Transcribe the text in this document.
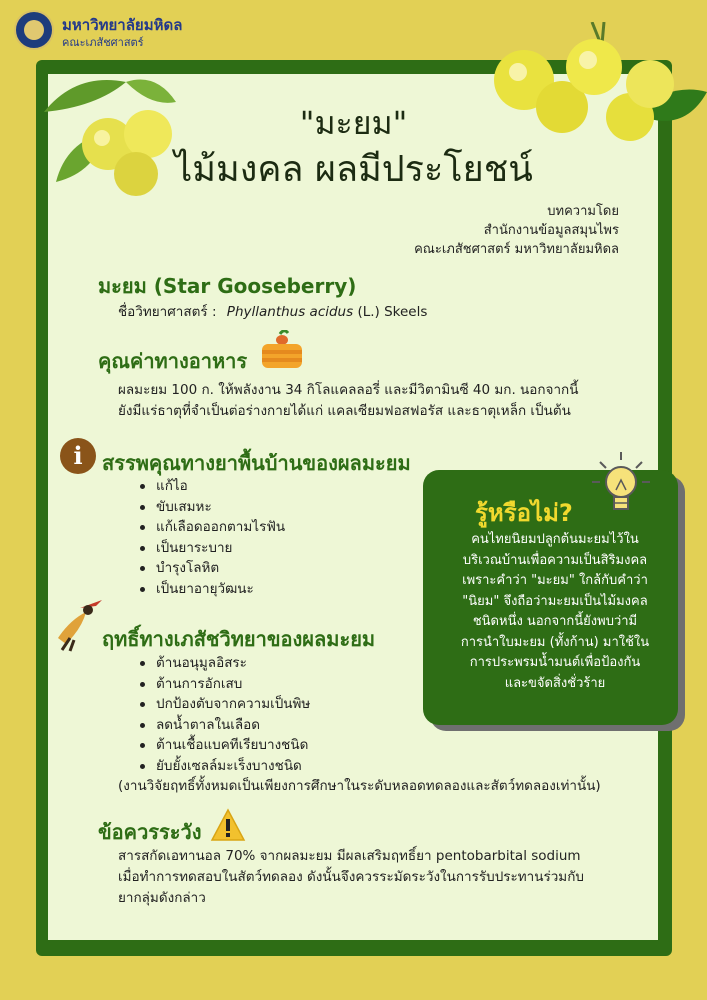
มหาวิทยาลัยมหิดล
คณะเภสัชศาสตร์
"มะยม"
ไม้มงคล ผลมีประโยชน์
บทความโดย
สำนักงานข้อมูลสมุนไพร
คณะเภสัชศาสตร์ มหาวิทยาลัยมหิดล
มะยม (Star Gooseberry)
ชื่อวิทยาศาสตร์ : Phyllanthus acidus (L.) Skeels
คุณค่าทางอาหาร
ผลมะยม 100 ก. ให้พลังงาน 34 กิโลแคลลอรี่ และมีวิตามินซี 40 มก. นอกจากนี้
ยังมีแร่ธาตุที่จำเป็นต่อร่างกายได้แก่ แคลเซียมฟอสฟอรัส และธาตุเหล็ก เป็นต้น
i สรรพคุณทางยาพื้นบ้านของผลมะยม
แก้ไอ
ขับเสมหะ
แก้เลือดออกตามไรฟัน
เป็นยาระบาย
บำรุงโลหิต
เป็นยาอายุวัฒนะ
ฤทธิ์ทางเภสัชวิทยาของผลมะยม
ต้านอนุมูลอิสระ
ต้านการอักเสบ
ปกป้องตับจากความเป็นพิษ
ลดน้ำตาลในเลือด
ต้านเชื้อแบคทีเรียบางชนิด
ยับยั้งเซลล์มะเร็งบางชนิด
(งานวิจัยฤทธิ์ทั้งหมดเป็นเพียงการศึกษาในระดับหลอดทดลองและสัตว์ทดลองเท่านั้น)
ข้อควรระวัง
สารสกัดเอทานอล 70% จากผลมะยม มีผลเสริมฤทธิ์ยา pentobarbital sodium
เมื่อทำการทดสอบในสัตว์ทดลอง ดังนั้นจึงควรระมัดระวังในการรับประทานร่วมกับ
ยากลุ่มดังกล่าว
รู้หรือไม่?
คนไทยนิยมปลูกต้นมะยมไว้ใน
บริเวณบ้านเพื่อความเป็นสิริมงคล
เพราะคำว่า "มะยม" ใกล้กับคำว่า
"นิยม" จึงถือว่ามะยมเป็นไม้มงคล
ชนิดหนึ่ง นอกจากนี้ยังพบว่ามี
การนำใบมะยม (ทั้งก้าน) มาใช้ใน
การประพรมน้ำมนต์เพื่อป้องกัน
และขจัดสิ่งชั่วร้าย
